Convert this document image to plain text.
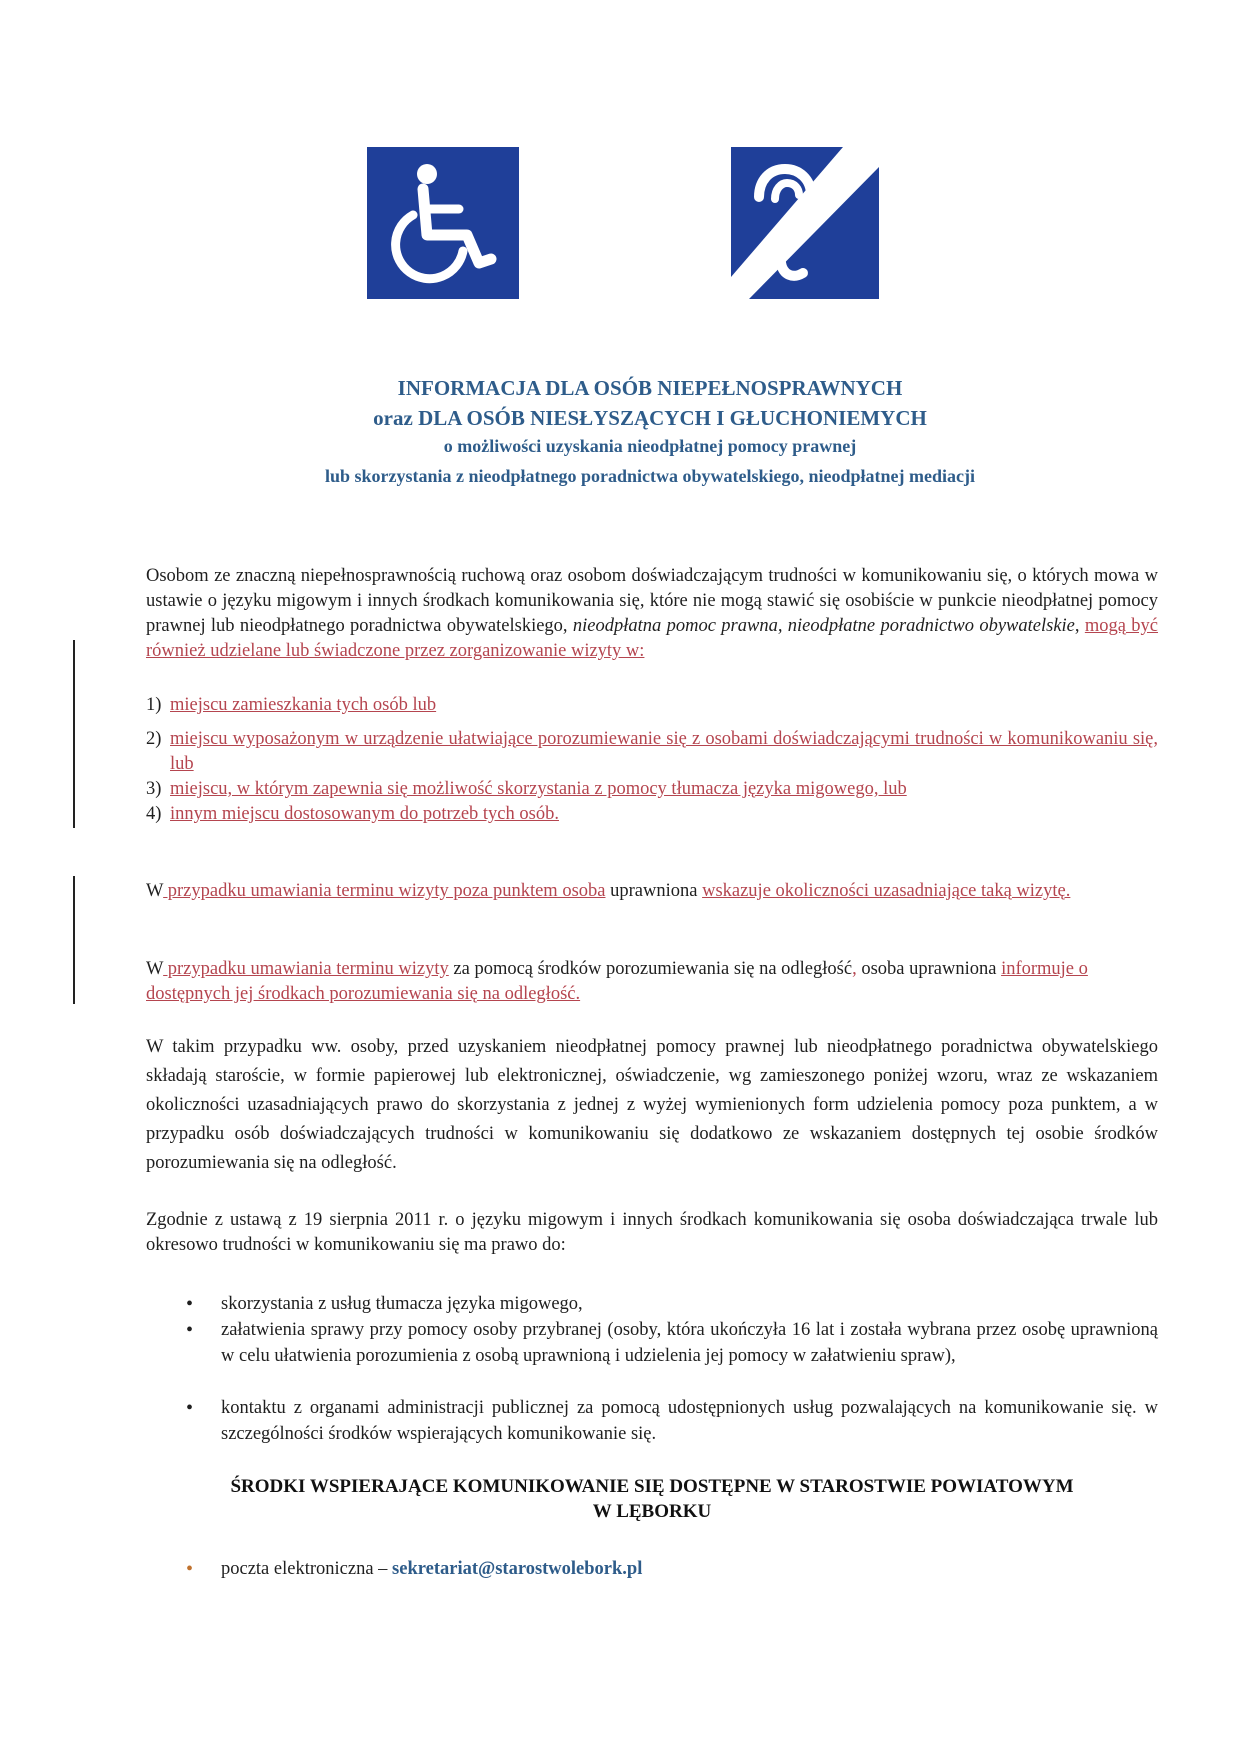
INFORMACJA DLA OSÓB NIEPEŁNOSPRAWNYCH
oraz DLA OSÓB NIESŁYSZĄCYCH I GŁUCHONIEMYCH
o możliwości uzyskania nieodpłatnej pomocy prawnej
lub skorzystania z nieodpłatnego poradnictwa obywatelskiego, nieodpłatnej mediacji
Osobom ze znaczną niepełnosprawnością ruchową oraz osobom doświadczającym trudności w komunikowaniu się, o których mowa w ustawie o języku migowym i innych środkach komunikowania się, które nie mogą stawić się osobiście w punkcie nieodpłatnej pomocy prawnej lub nieodpłatnego poradnictwa obywatelskiego, nieodpłatna pomoc prawna, nieodpłatne poradnictwo obywatelskie, mogą być również udzielane lub świadczone przez zorganizowanie wizyty w:
1) miejscu zamieszkania tych osób lub
2) miejscu wyposażonym w urządzenie ułatwiające porozumiewanie się z osobami doświadczającymi trudności w komunikowaniu się, lub
3) miejscu, w którym zapewnia się możliwość skorzystania z pomocy tłumacza języka migowego, lub
4) innym miejscu dostosowanym do potrzeb tych osób.
W przypadku umawiania terminu wizyty poza punktem osoba uprawniona wskazuje okoliczności uzasadniające taką wizytę.
W przypadku umawiania terminu wizyty za pomocą środków porozumiewania się na odległość, osoba uprawniona informuje o dostępnych jej środkach porozumiewania się na odległość.
W takim przypadku ww. osoby, przed uzyskaniem nieodpłatnej pomocy prawnej lub nieodpłatnego poradnictwa obywatelskiego składają staroście, w formie papierowej lub elektronicznej, oświadczenie, wg zamieszonego poniżej wzoru, wraz ze wskazaniem okoliczności uzasadniających prawo do skorzystania z jednej z wyżej wymienionych form udzielenia pomocy poza punktem, a w przypadku osób doświadczających trudności w komunikowaniu się dodatkowo ze wskazaniem dostępnych tej osobie środków porozumiewania się na odległość.
Zgodnie z ustawą z 19 sierpnia 2011 r. o języku migowym i innych środkach komunikowania się osoba doświadczająca trwale lub okresowo trudności w komunikowaniu się ma prawo do:
• skorzystania z usług tłumacza języka migowego,
• załatwienia sprawy przy pomocy osoby przybranej (osoby, która ukończyła 16 lat i została wybrana przez osobę uprawnioną w celu ułatwienia porozumienia z osobą uprawnioną i udzielenia jej pomocy w załatwieniu spraw),
• kontaktu z organami administracji publicznej za pomocą udostępnionych usług pozwalających na komunikowanie się. w szczególności środków wspierających komunikowanie się.
ŚRODKI WSPIERAJĄCE KOMUNIKOWANIE SIĘ DOSTĘPNE W STAROSTWIE POWIATOWYM
W LĘBORKU
• poczta elektroniczna – sekretariat@starostwolebork.pl
